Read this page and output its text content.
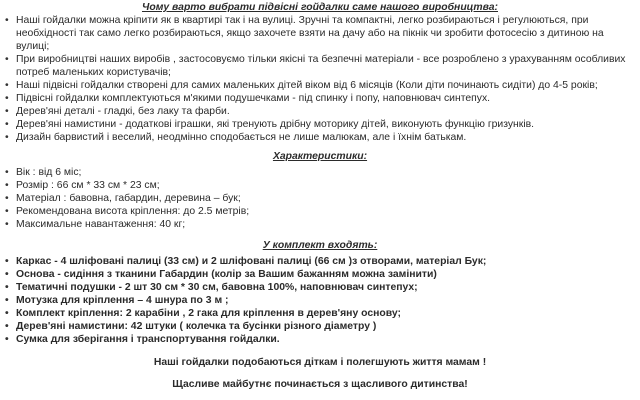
Чому варто вибрати підвісні гойдалки саме нашого виробництва:

• Наші гойдалки можна кріпити як в квартирі так і на вулиці. Зручні та компактні, легко розбираються і регулюються, при необхідності так само легко розбираються, якщо захочете взяти на дачу або на пікнік чи зробити фотосесію з дитиною на вулиці;
• При виробництві наших виробів , застосовуємо тільки якісні та безпечні матеріали - все розроблено з урахуванням особливих потреб маленьких користувачів;
• Наші підвісні гойдалки створені для самих маленьких дітей віком від 6 місяців (Коли діти починають сидіти) до 4-5 років;
• Підвісні гойдалки комплектуються м'якими подушечками - під спинку і попу, наповнювач синтепух.
• Дерев'яні деталі - гладкі, без лаку та фарби.
• Дерев'яні намистини - додаткові іграшки, які тренують дрібну моторику дітей, виконують функцію гризунків.
• Дизайн барвистий і веселий, неодмінно сподобається не лише малюкам, але і їхнім батькам.

Характеристики:

• Вік : від 6 міс;
• Розмір : 66 см * 33 см * 23 см;
• Матеріал : бавовна, габардин, деревина – бук;
• Рекомендована висота кріплення: до 2.5 метрів;
• Максимальне навантаження: 40 кг;

У комплект входять:

• Каркас - 4 шліфовані палиці (33 см) и 2 шліфовані палиці (66 см )з отворами, матеріал Бук;
• Основа - сидіння з тканини Габардин (колір за Вашим бажанням можна замінити)
• Тематичні подушки - 2 шт 30 см * 30 см, бавовна 100%, наповнювач синтепух;
• Мотузка для кріплення – 4 шнура по 3 м ;
• Комплект кріплення: 2 карабіни , 2 гака для кріплення в дерев'яну основу;
• Дерев'яні намистини: 42 штуки ( колечка та бусінки різного діаметру )
• Сумка для зберігання і транспортування гойдалки.

Наші гойдалки подобаються діткам і полегшують життя мамам !

Щасливе майбутнє починається з щасливого дитинства!
